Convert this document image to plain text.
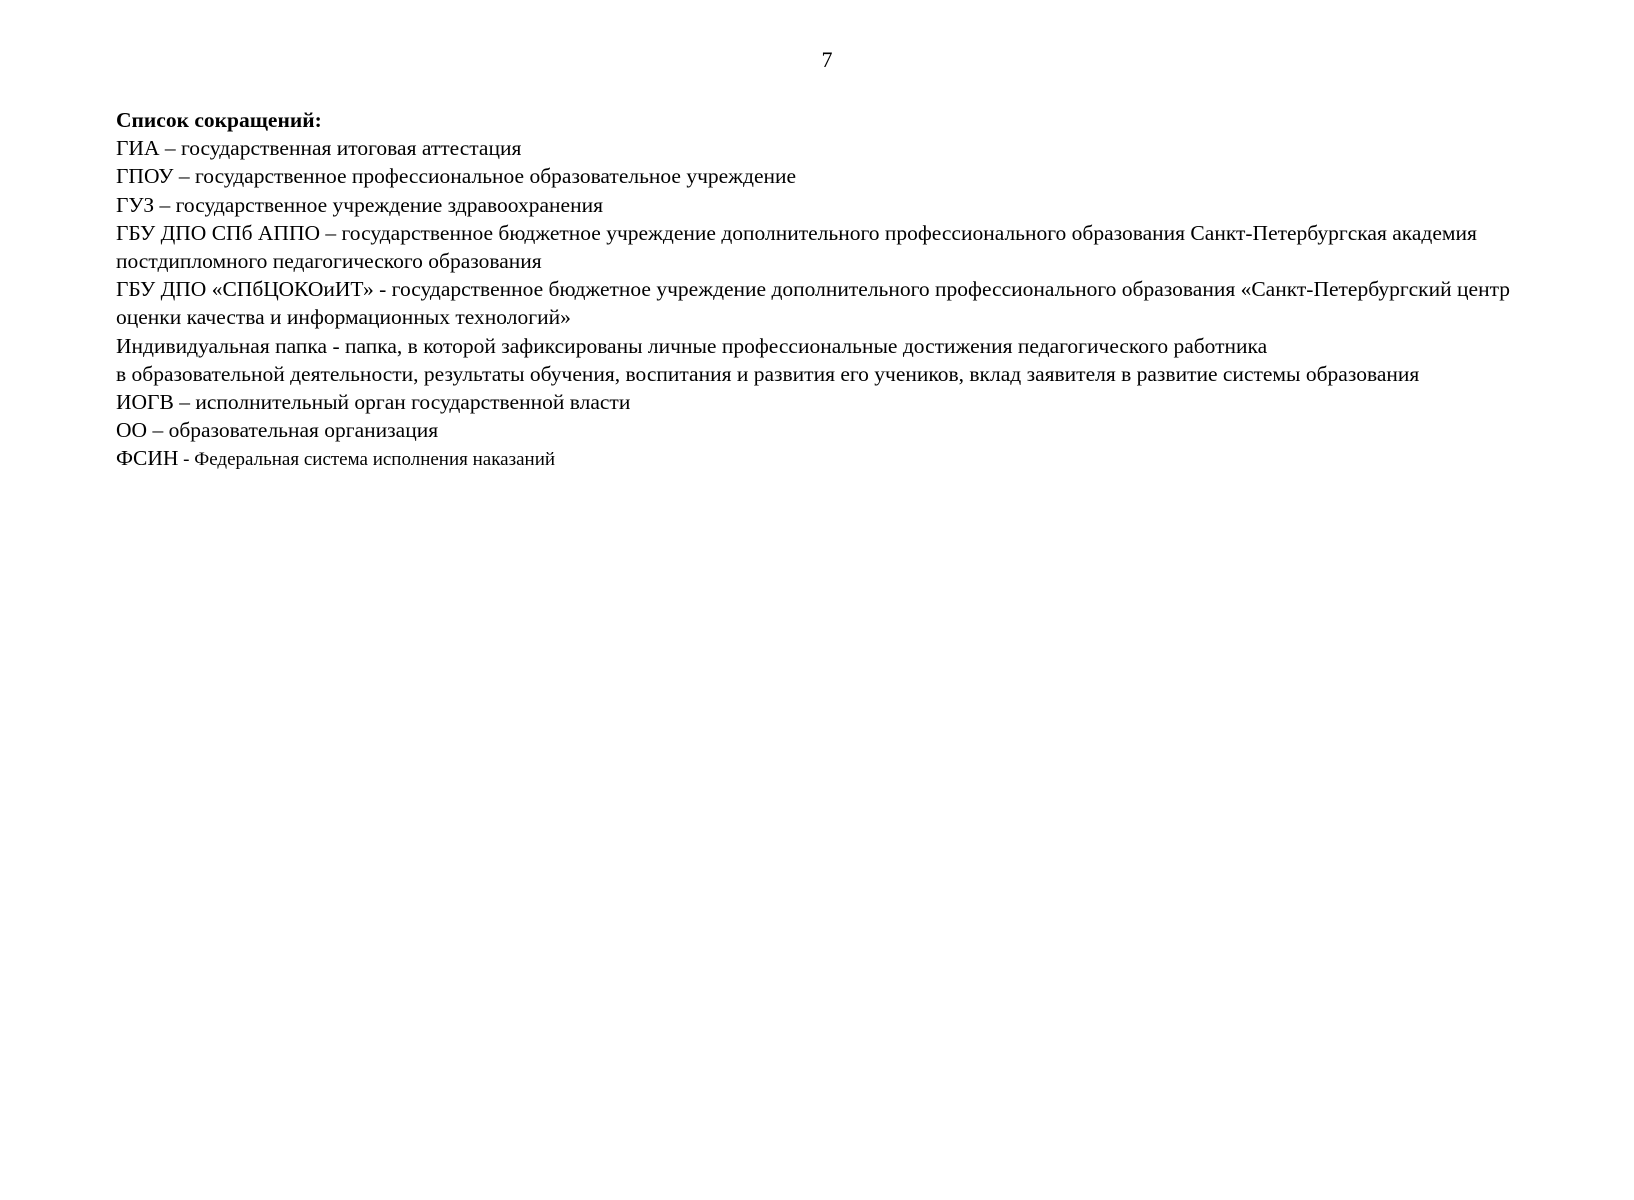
7

Список сокращений:

ГИА – государственная итоговая аттестация

ГПОУ – государственное профессиональное образовательное учреждение

ГУЗ – государственное учреждение здравоохранения

ГБУ ДПО СПб АППО – государственное бюджетное учреждение дополнительного профессионального образования Санкт-Петербургская академия постдипломного педагогического образования

ГБУ ДПО «СПбЦОКОиИТ» - государственное бюджетное учреждение дополнительного профессионального образования «Санкт-Петербургский центр оценки качества и информационных технологий»

Индивидуальная папка - папка, в которой зафиксированы личные профессиональные достижения педагогического работника
в образовательной деятельности, результаты обучения, воспитания и развития его учеников, вклад заявителя в развитие системы образования

ИОГВ – исполнительный орган государственной власти

ОО – образовательная организация

ФСИН - Федеральная система исполнения наказаний
